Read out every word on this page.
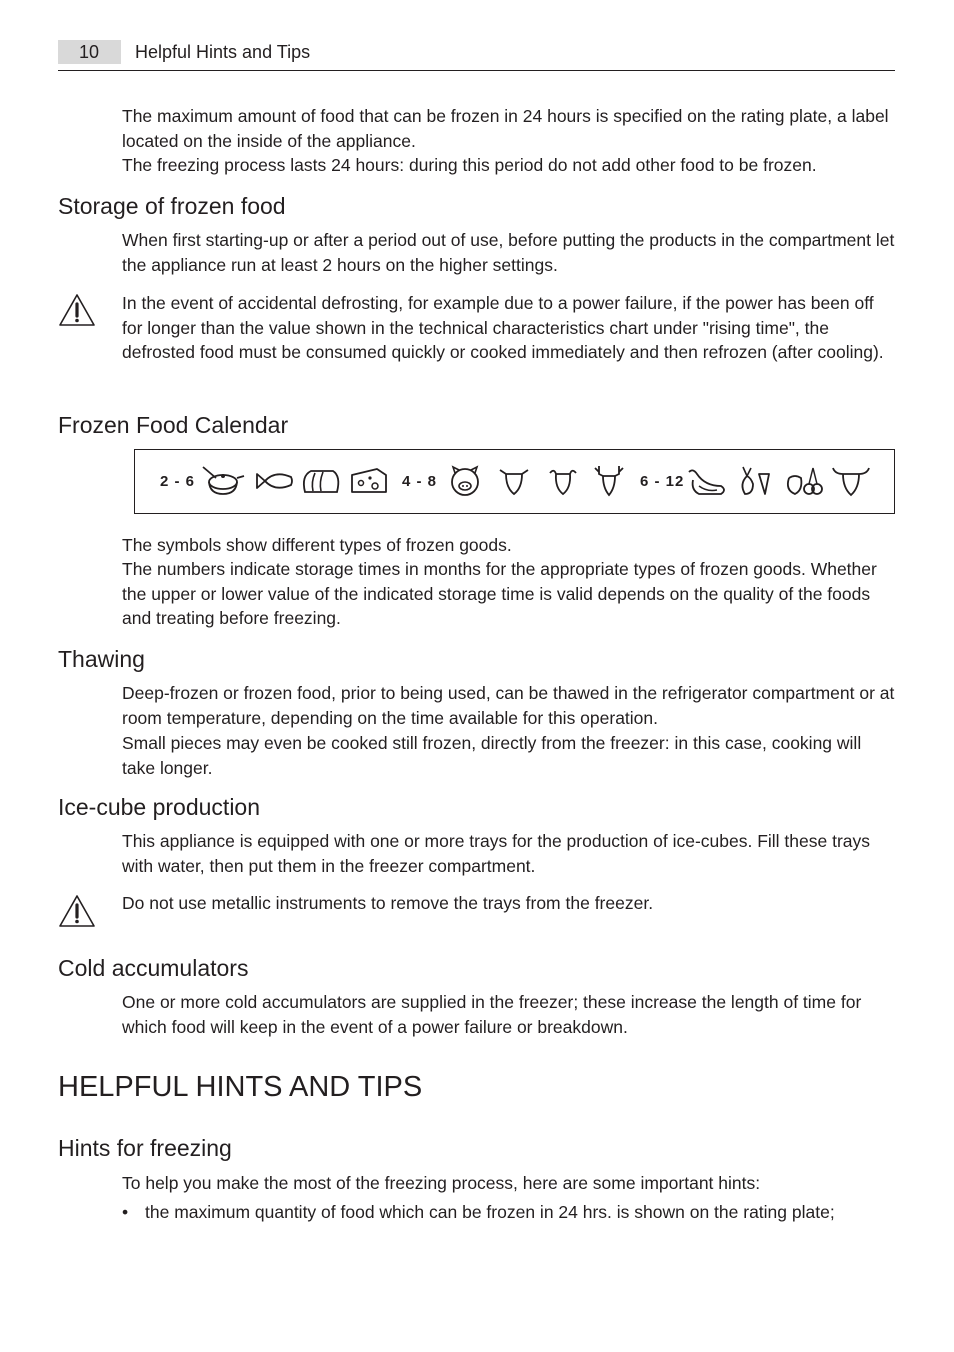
10	Helpful Hints and Tips

The maximum amount of food that can be frozen in 24 hours is specified on the rating plate, a label located on the inside of the appliance.
The freezing process lasts 24 hours: during this period do not add other food to be frozen.

Storage of frozen food

When first starting-up or after a period out of use, before putting the products in the compartment let the appliance run at least 2 hours on the higher settings.

In the event of accidental defrosting, for example due to a power failure, if the power has been off for longer than the value shown in the technical characteristics chart under "rising time", the defrosted food must be consumed quickly or cooked immediately and then refrozen (after cooling).

Frozen Food Calendar
2 - 6	4 - 8	6 - 12

The symbols show different types of frozen goods.

The numbers indicate storage times in months for the appropriate types of frozen goods. Whether the upper or lower value of the indicated storage time is valid depends on the quality of the foods and treating before freezing.

Thawing

Deep-frozen or frozen food, prior to being used, can be thawed in the refrigerator compartment or at room temperature, depending on the time available for this operation.

Small pieces may even be cooked still frozen, directly from the freezer: in this case, cooking will take longer.

Ice-cube production

This appliance is equipped with one or more trays for the production of ice-cubes. Fill these trays with water, then put them in the freezer compartment.

Do not use metallic instruments to remove the trays from the freezer.

Cold accumulators

One or more cold accumulators are supplied in the freezer; these increase the length of time for which food will keep in the event of a power failure or breakdown.

HELPFUL HINTS AND TIPS
Hints for freezing

To help you make the most of the freezing process, here are some important hints:

• the maximum quantity of food which can be frozen in 24 hrs. is shown on the rating plate;
